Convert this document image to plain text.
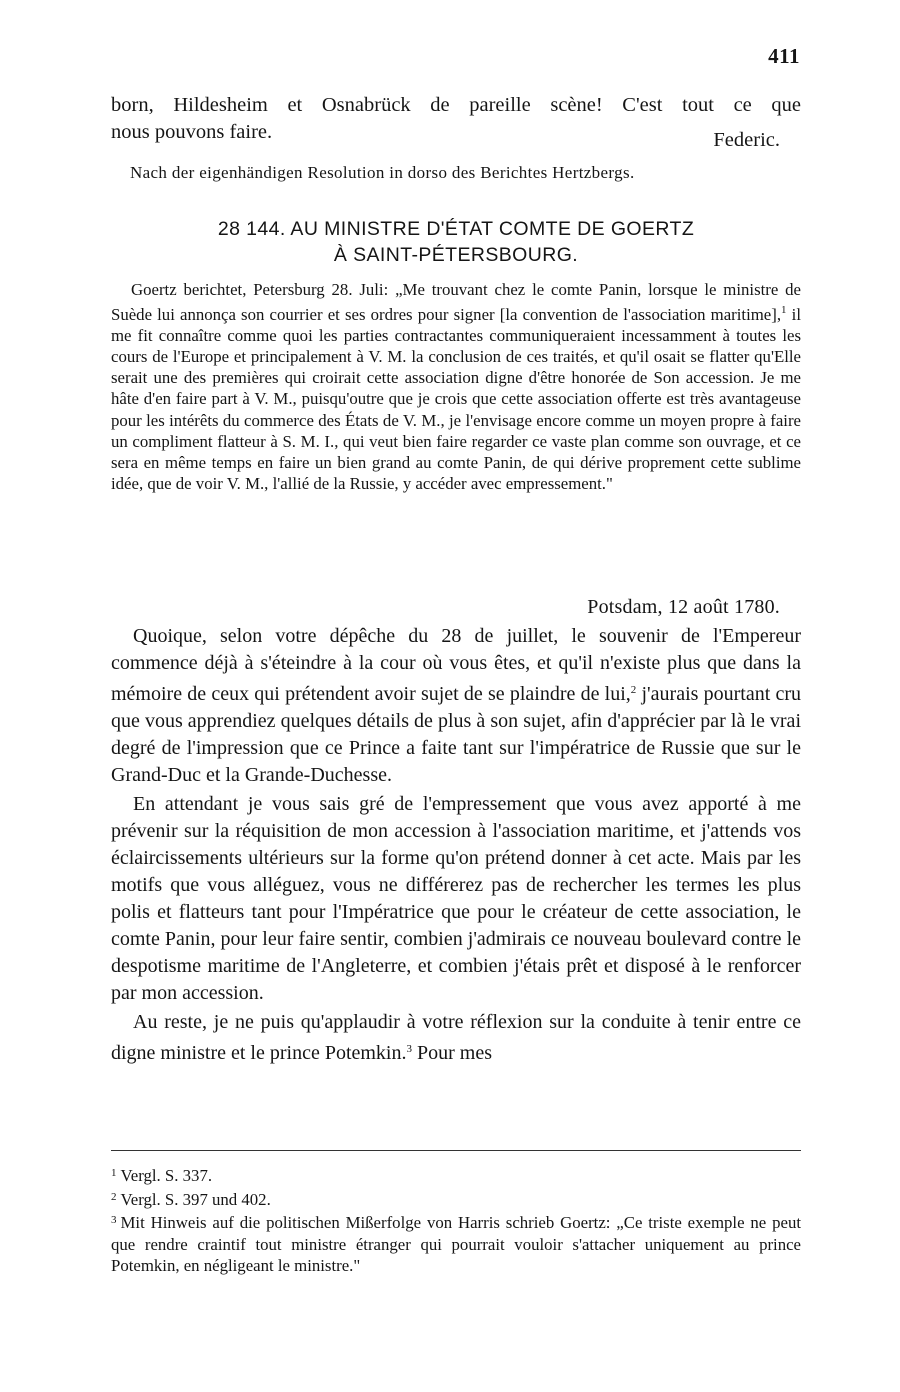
411

born, Hildesheim et Osnabrück de pareille scène! C'est tout ce que

nous pouvons faire.	Federic.
Nach der eigenhändigen Resolution in dorso des Berichtes Hertzbergs.
28 144. AU MINISTRE D'ÉTAT COMTE DE GOERTZ
À SAINT-PÉTERSBOURG.

Goertz berichtet, Petersburg 28. Juli: „Me trouvant chez le comte Panin, lorsque le ministre de Suède lui annonça son courrier et ses ordres pour signer [la convention de l'association maritime],$^1$ il me fit connaître comme quoi les parties contractantes communiqueraient incessamment à toutes les cours de l'Europe et principalement à V. M. la conclusion de ces traités, et qu'il osait se flatter qu'Elle serait une des premières qui croirait cette association digne d'être honorée de Son accession. Je me hâte d'en faire part à V. M., puisqu'outre que je crois que cette association offerte est très avantageuse pour les intérêts du commerce des États de V. M., je l'envisage encore comme un moyen propre à faire un compliment flatteur à S. M. I., qui veut bien faire regarder ce vaste plan comme son ouvrage, et ce sera en même temps en faire un bien grand au comte Panin, de qui dérive proprement cette sublime idée, que de voir V. M., l'allié de la Russie, y accéder avec empressement."

Potsdam, 12 août 1780.

Quoique, selon votre dépêche du 28 de juillet, le souvenir de l'Empereur commence déjà à s'éteindre à la cour où vous êtes, et qu'il n'existe plus que dans la mémoire de ceux qui prétendent avoir sujet de se plaindre de lui,$^2$ j'aurais pourtant cru que vous apprendiez quelques détails de plus à son sujet, afin d'apprécier par là le vrai degré de l'impression que ce Prince a faite tant sur l'impératrice de Russie que sur le Grand-Duc et la Grande-Duchesse.

En attendant je vous sais gré de l'empressement que vous avez apporté à me prévenir sur la réquisition de mon accession à l'association maritime, et j'attends vos éclaircissements ultérieurs sur la forme qu'on prétend donner à cet acte. Mais par les motifs que vous alléguez, vous ne différerez pas de rechercher les termes les plus polis et flatteurs tant pour l'Impératrice que pour le créateur de cette association, le comte Panin, pour leur faire sentir, combien j'admirais ce nouveau boulevard contre le despotisme maritime de l'Angleterre, et combien j'étais prêt et disposé à le renforcer par mon accession.

Au reste, je ne puis qu'applaudir à votre réflexion sur la conduite à tenir entre ce digne ministre et le prince Potemkin.$^3$ Pour mes

$^1$ Vergl. S. 337.

$^2$ Vergl. S. 397 und 402.

$^3$ Mit Hinweis auf die politischen Mißerfolge von Harris schrieb Goertz: „Ce triste exemple ne peut que rendre craintif tout ministre étranger qui pourrait vouloir s'attacher uniquement au prince Potemkin, en négligeant le ministre."
